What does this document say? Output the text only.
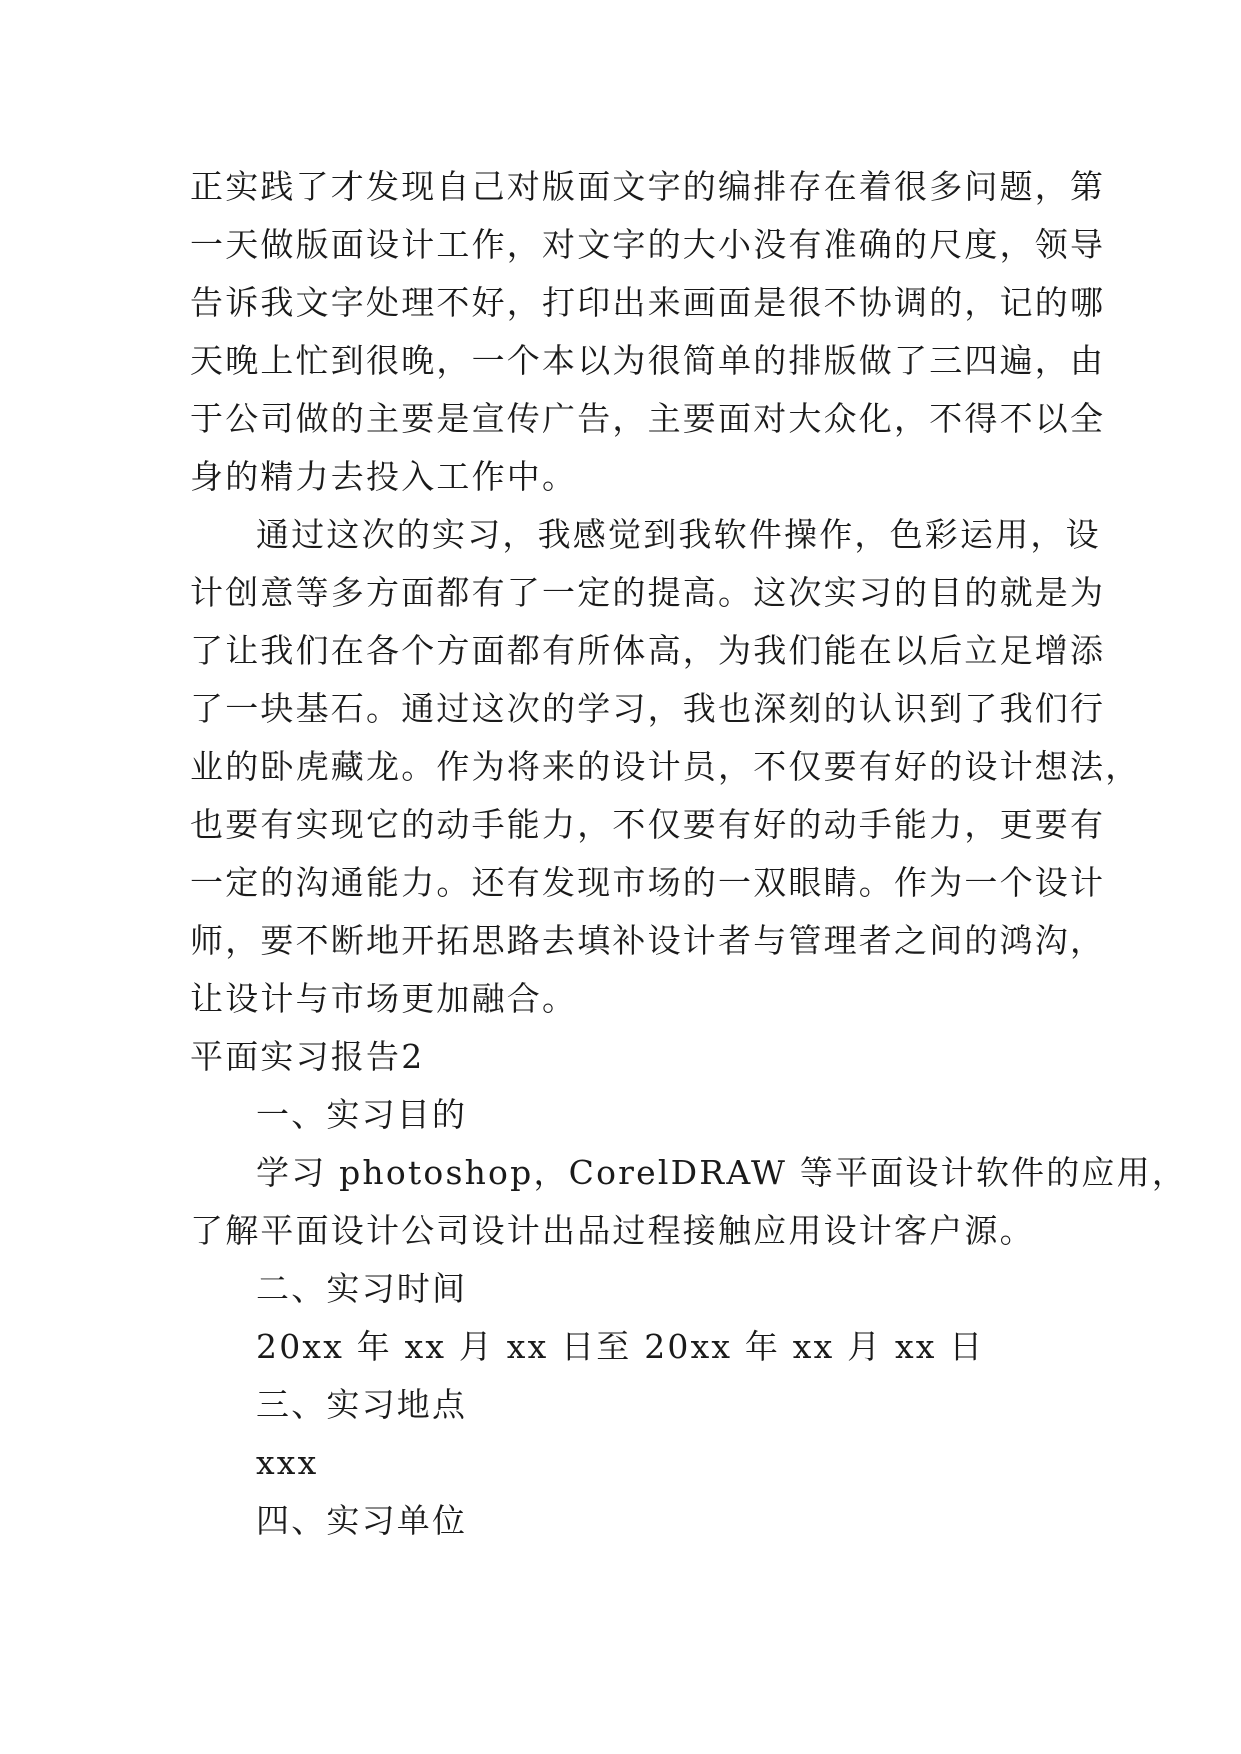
正实践了才发现自己对版面文字的编排存在着很多问题，第
一天做版面设计工作，对文字的大小没有准确的尺度，领导
告诉我文字处理不好，打印出来画面是很不协调的，记的哪
天晚上忙到很晚，一个本以为很简单的排版做了三四遍，由
于公司做的主要是宣传广告，主要面对大众化，不得不以全
身的精力去投入工作中。
通过这次的实习，我感觉到我软件操作，色彩运用，设
计创意等多方面都有了一定的提高。这次实习的目的就是为
了让我们在各个方面都有所体高，为我们能在以后立足增添
了一块基石。通过这次的学习，我也深刻的认识到了我们行
业的卧虎藏龙。作为将来的设计员，不仅要有好的设计想法，
也要有实现它的动手能力，不仅要有好的动手能力，更要有
一定的沟通能力。还有发现市场的一双眼睛。作为一个设计
师，要不断地开拓思路去填补设计者与管理者之间的鸿沟，
让设计与市场更加融合。
平面实习报告2
一、实习目的
学习 photoshop，CorelDRAW 等平面设计软件的应用，
了解平面设计公司设计出品过程接触应用设计客户源。
二、实习时间
20xx 年 xx 月 xx 日至 20xx 年 xx 月 xx 日
三、实习地点
xxx
四、实习单位
